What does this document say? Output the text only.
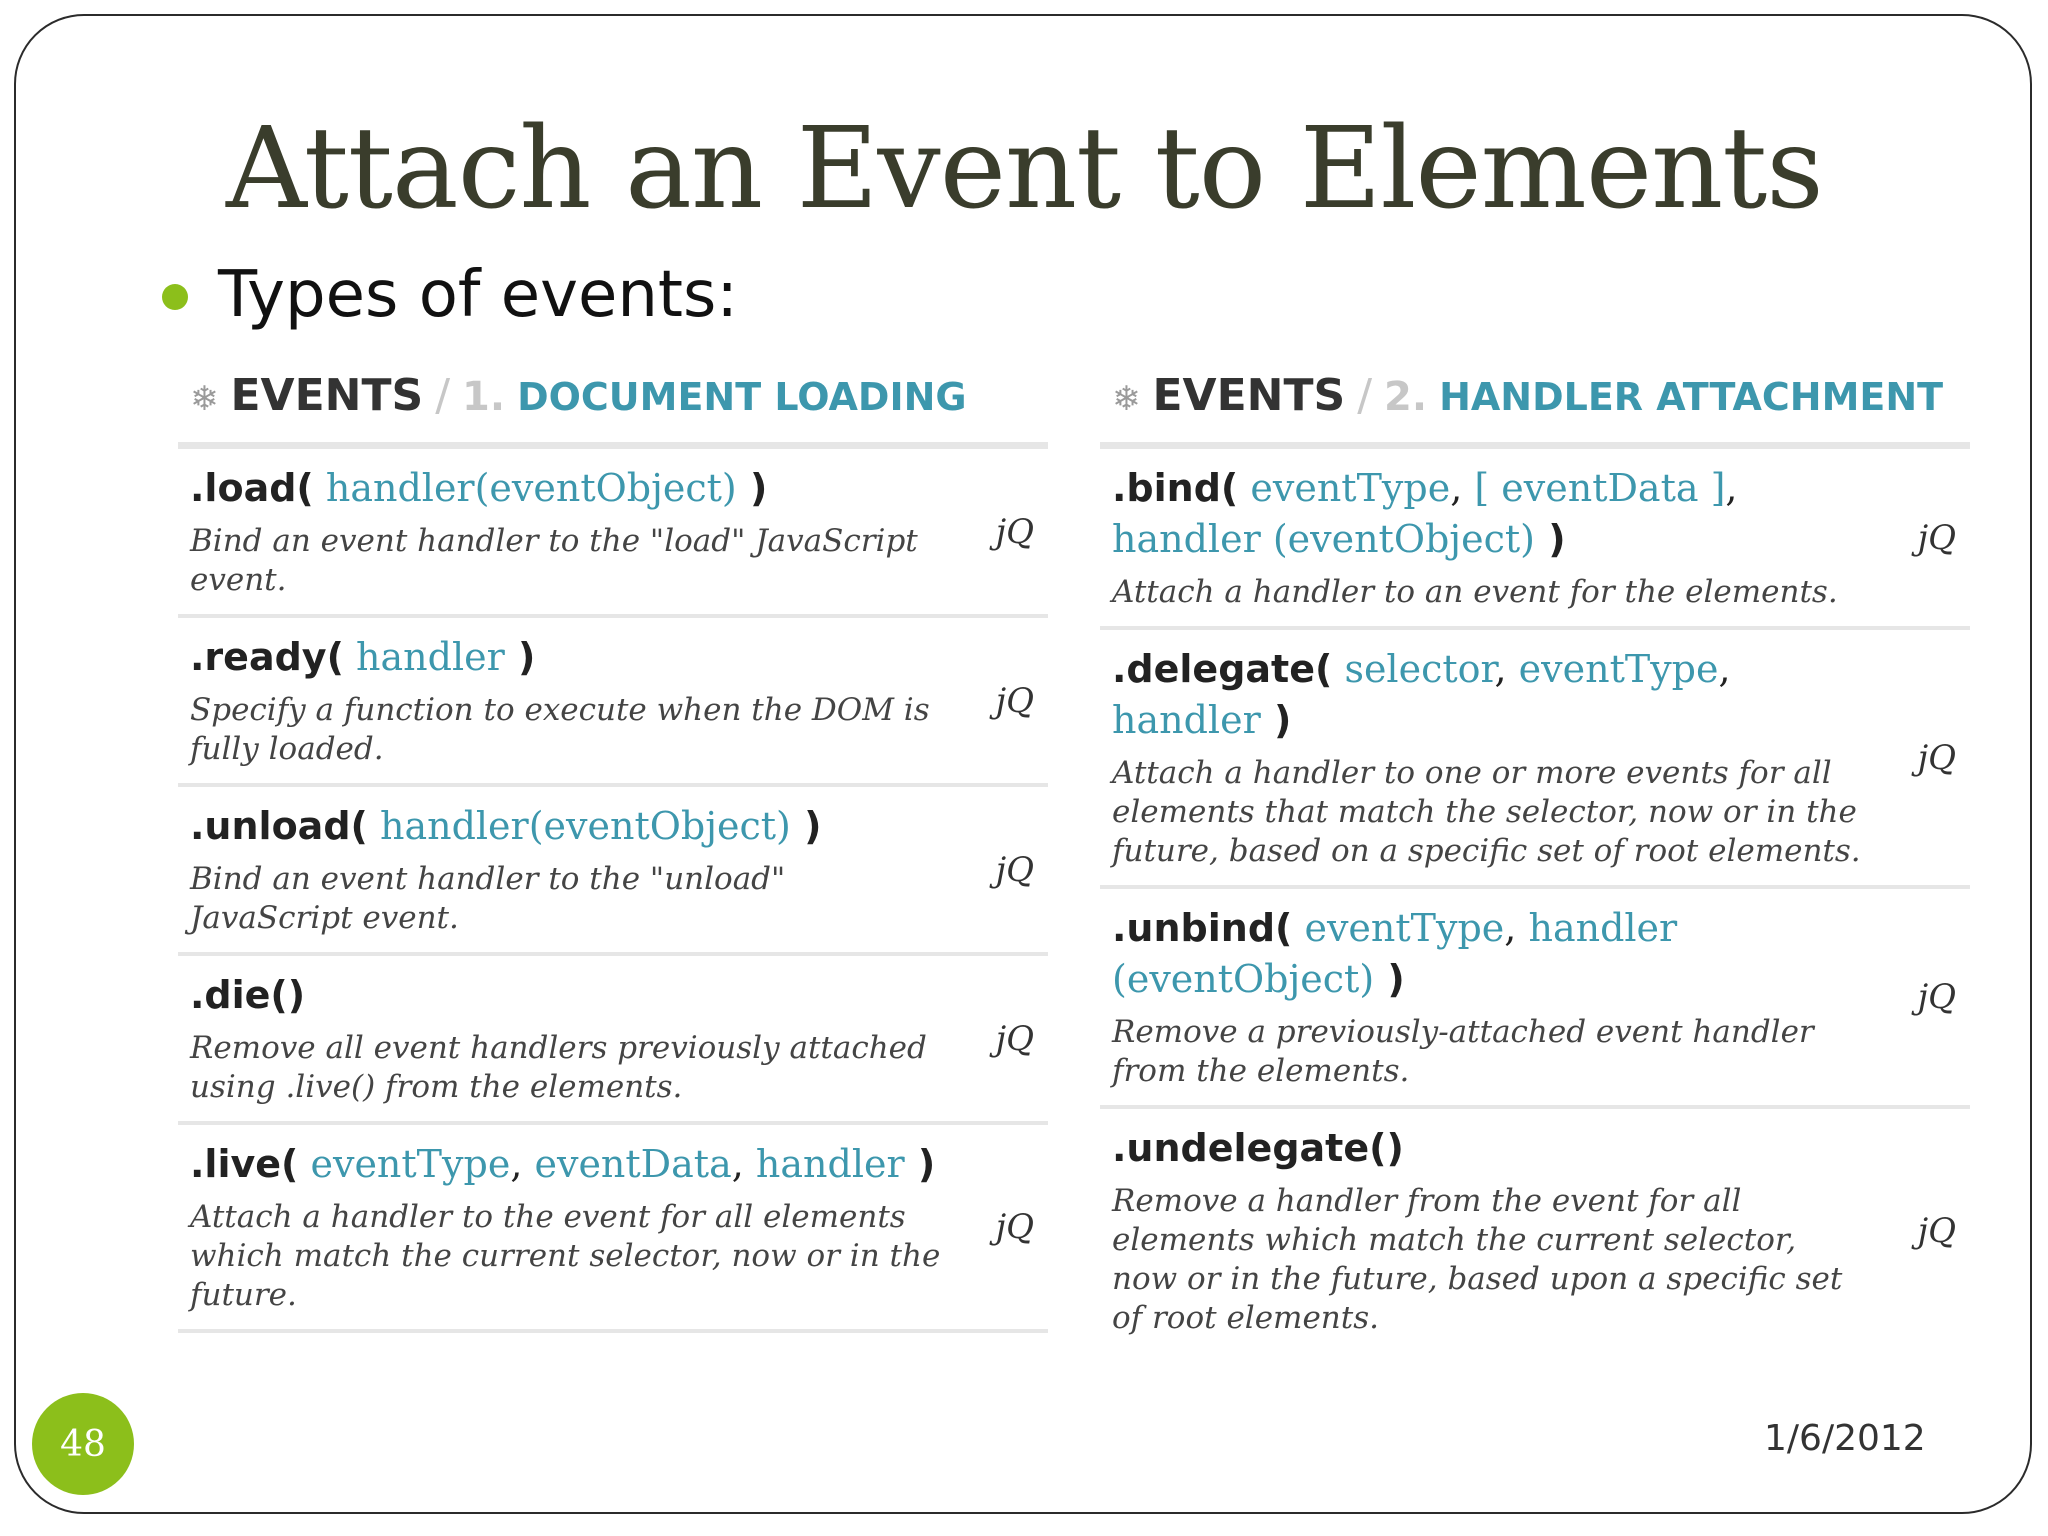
Attach an Event to Elements
Types of events:
❄ EVENTS / 1. DOCUMENT LOADING
.load( handler(eventObject) )
Bind an event handler to the "load" JavaScript event.
jQ
.ready( handler )
Specify a function to execute when the DOM is fully loaded.
jQ
.unload( handler(eventObject) )
Bind an event handler to the "unload" JavaScript event.
jQ
.die()
Remove all event handlers previously attached using .live() from the elements.
jQ
.live( eventType, eventData, handler )
Attach a handler to the event for all elements which match the current selector, now or in the future.
jQ
❄ EVENTS / 2. HANDLER ATTACHMENT
.bind( eventType, [ eventData ], handler (eventObject) )
Attach a handler to an event for the elements.
jQ
.delegate( selector, eventType, handler )
Attach a handler to one or more events for all elements that match the selector, now or in the future, based on a specific set of root elements.
jQ
.unbind( eventType, handler (eventObject) )
Remove a previously-attached event handler from the elements.
jQ
.undelegate()
Remove a handler from the event for all elements which match the current selector, now or in the future, based upon a specific set of root elements.
jQ
48	1/6/2012
